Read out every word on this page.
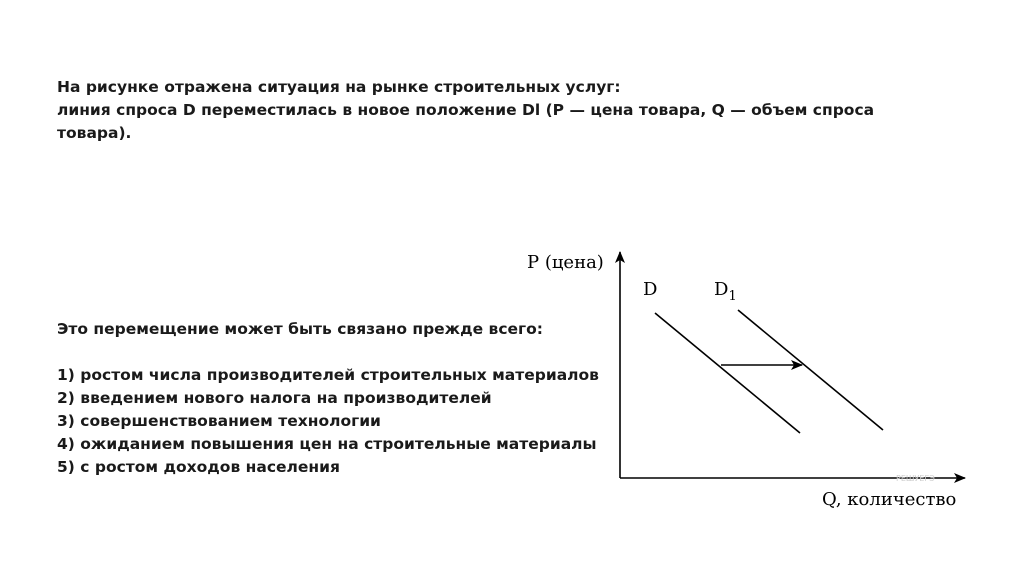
На рисунке отражена ситуация на рынке строительных услуг:

линия спроса D переместилась в новое положение Dl (P — цена товара, Q — объем спроса товара).

Это перемещение может быть связано прежде всего:

1) ростом числа производителей строительных материалов
2) введением нового налога на производителей
3) совершенствованием технологии
4) ожиданием повышения цен на строительные материалы
5) с ростом доходов населения
P (цена)
Q, количество
D	$D_1$
РЕШУЕГЭ
